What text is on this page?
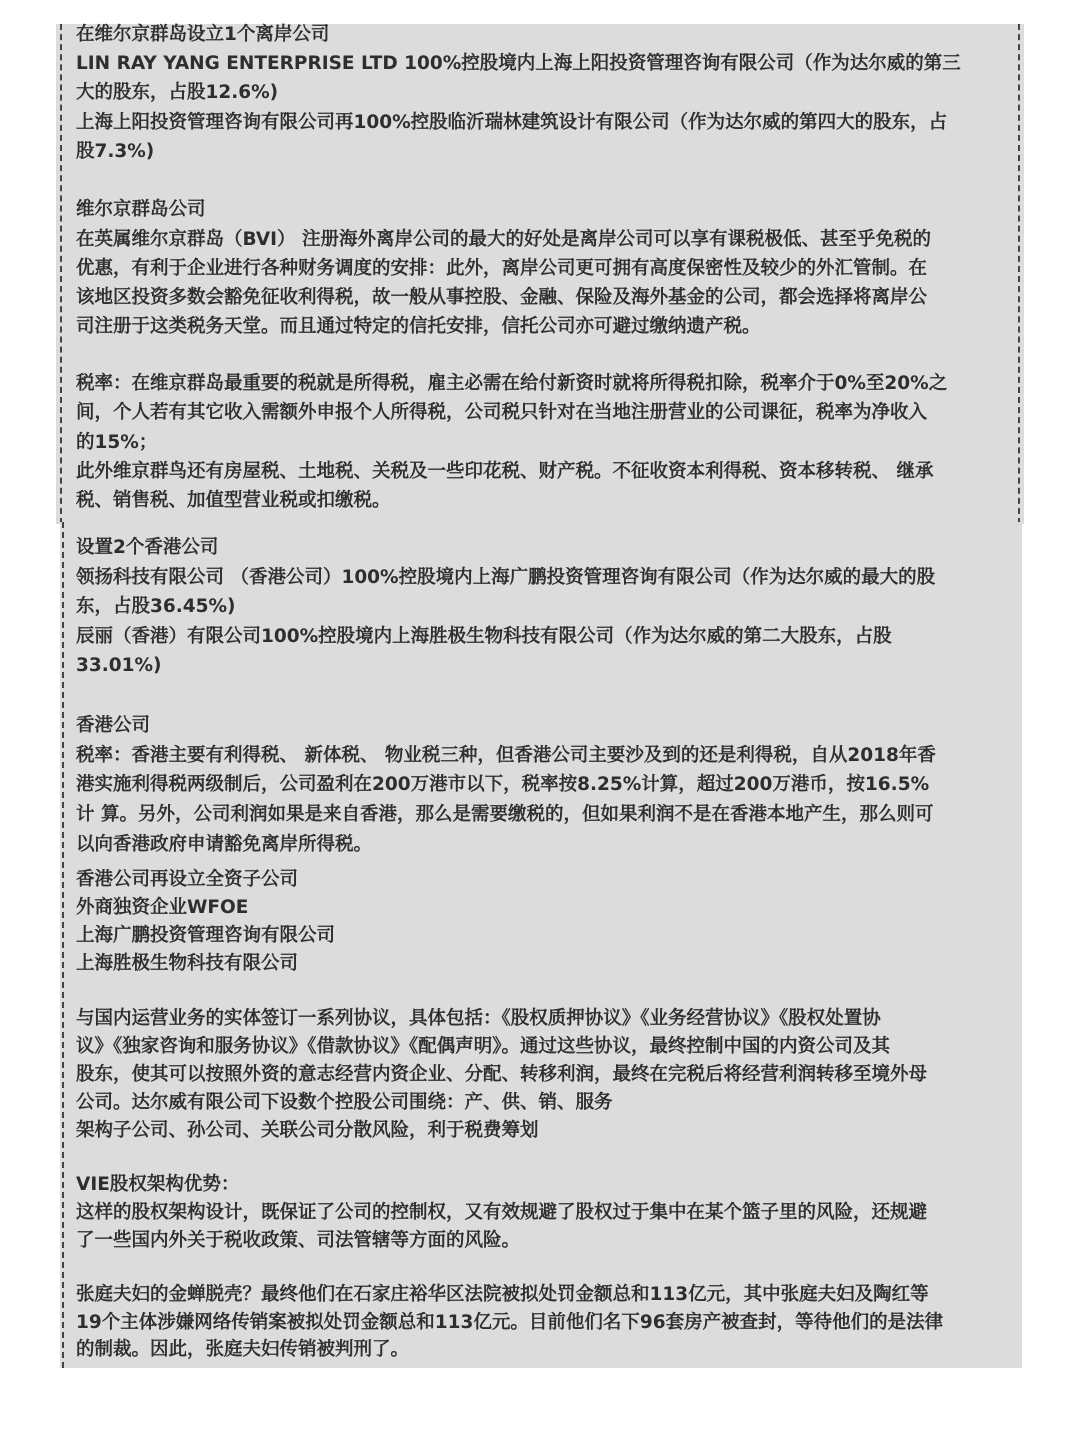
在维尔京群岛设立1个离岸公司
LIN RAY YANG ENTERPRISE LTD 100%控股境内上海上阳投资管理咨询有限公司（作为达尔威的第三
大的股东，占股12.6%)
上海上阳投资管理咨询有限公司再100%控股临沂瑞林建筑设计有限公司（作为达尔威的第四大的股东，占
股7.3%)
维尔京群岛公司
在英属维尔京群岛（BVI） 注册海外离岸公司的最大的好处是离岸公司可以享有课税极低、甚至乎免税的
优惠，有利于企业进行各种财务调度的安排：此外，离岸公司更可拥有高度保密性及较少的外汇管制。在
该地区投资多数会豁免征收利得税，故一般从事控股、金融、保险及海外基金的公司，都会选择将离岸公
司注册于这类税务天堂。而且通过特定的信托安排，信托公司亦可避过缴纳遗产税。
税率：在维京群岛最重要的税就是所得税，雇主必需在给付新资时就将所得税扣除，税率介于0%至20%之
间，个人若有其它收入需额外申报个人所得税，公司税只针对在当地注册营业的公司课征，税率为净收入
的15%；
此外维京群鸟还有房屋税、土地税、关税及一些印花税、财产税。不征收资本利得税、资本移转税、 继承
税、销售税、加值型营业税或扣缴税。
设置2个香港公司
领扬科技有限公司 （香港公司）100%控股境内上海广鹏投资管理咨询有限公司（作为达尔威的最大的股
东，占股36.45%)
辰丽（香港）有限公司100%控股境内上海胜极生物科技有限公司（作为达尔威的第二大股东，占股
33.01%)
香港公司
税率：香港主要有利得税、 新体税、 物业税三种，但香港公司主要沙及到的还是利得税，自从2018年香
港实施利得税两级制后，公司盈利在200万港市以下，税率按8.25%计算，超过200万港币，按16.5%
计 算。另外，公司利润如果是来自香港，那么是需要缴税的，但如果利润不是在香港本地产生，那么则可
以向香港政府申请豁免离岸所得税。
香港公司再设立全资子公司
外商独资企业WFOE
上海广鹏投资管理咨询有限公司
上海胜极生物科技有限公司
与国内运营业务的实体签订一系列协议，具体包括：《股权质押协议》《业务经营协议》《股权处置协
议》《独家咨询和服务协议》《借款协议》《配偶声明》。通过这些协议，最终控制中国的内资公司及其
股东，使其可以按照外资的意志经营内资企业、分配、转移利润，最终在完税后将经营利润转移至境外母
公司。达尔威有限公司下设数个控股公司围绕：产、供、销、服务
架构子公司、孙公司、关联公司分散风险，利于税费筹划
VIE股权架构优势：
这样的股权架构设计，既保证了公司的控制权，又有效规避了股权过于集中在某个篮子里的风险，还规避
了一些国内外关于税收政策、司法管辖等方面的风险。
张庭夫妇的金蝉脱壳？最终他们在石家庄裕华区法院被拟处罚金额总和113亿元，其中张庭夫妇及陶红等
19个主体涉嫌网络传销案被拟处罚金额总和113亿元。目前他们名下96套房产被查封，等待他们的是法律
的制裁。因此，张庭夫妇传销被判刑了。
